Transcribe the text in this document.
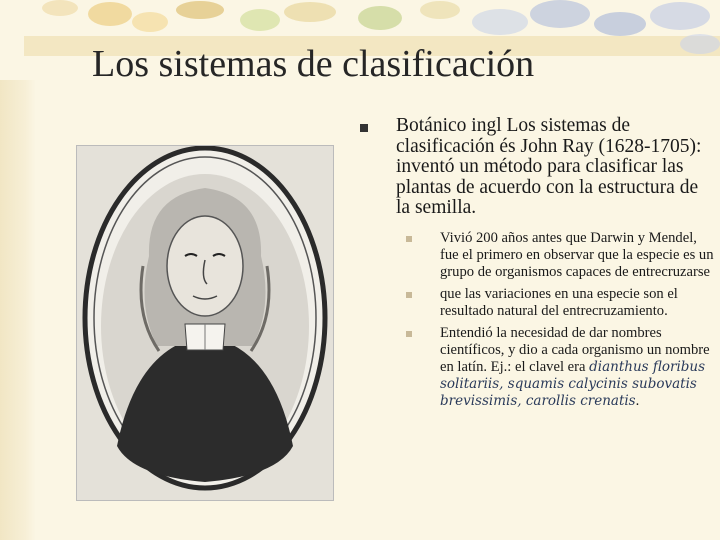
Los sistemas de clasificación
Botánico ingl Los sistemas de clasificación és John Ray (1628-1705): inventó un método para clasificar las plantas de acuerdo con la estructura de la semilla.
Vivió 200 años antes que Darwin y Mendel, fue el primero en observar que la especie es un grupo de organismos capaces de entrecruzarse
que las variaciones en una especie son el resultado natural del entrecruzamiento.
Entendió la necesidad de dar nombres científicos, y dio a cada organismo un nombre en latín. Ej.: el clavel era dianthus floribus solitariis, squamis calycinis subovatis brevissimis, carollis crenatis.
